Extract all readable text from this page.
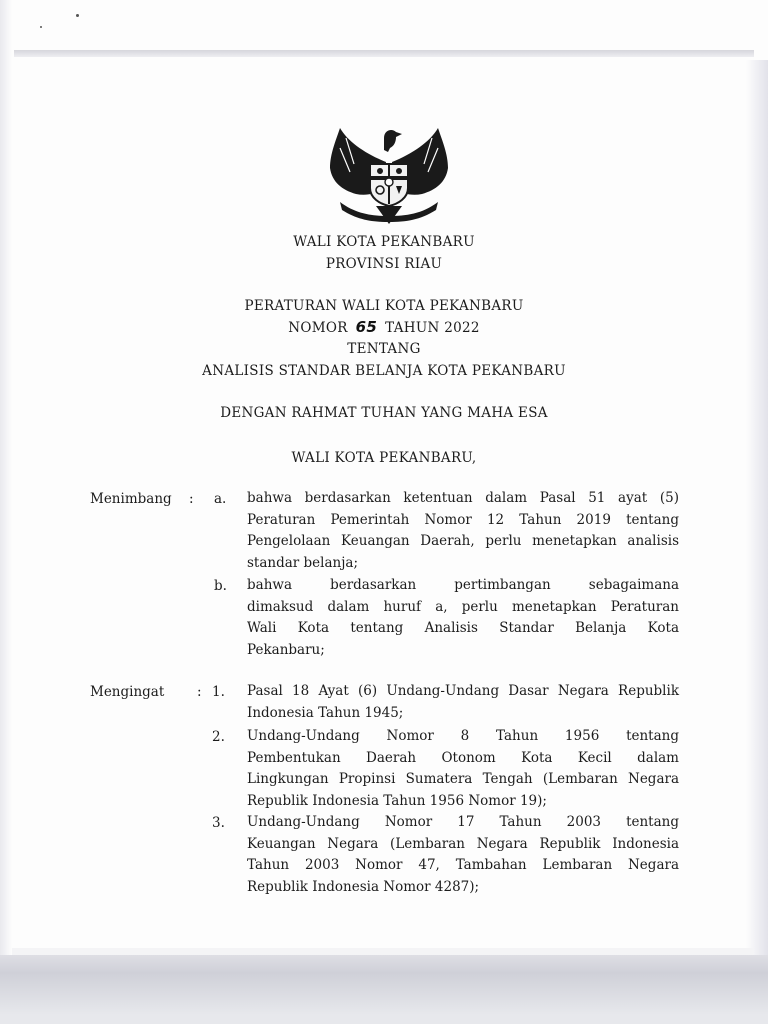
WALI KOTA PEKANBARU
PROVINSI RIAU
PERATURAN WALI KOTA PEKANBARU
NOMOR 65 TAHUN 2022
TENTANG
ANALISIS STANDAR BELANJA KOTA PEKANBARU
DENGAN RAHMAT TUHAN YANG MAHA ESA
WALI KOTA PEKANBARU,
Menimbang : a. bahwa berdasarkan ketentuan dalam Pasal 51 ayat (5)
Peraturan Pemerintah Nomor 12 Tahun 2019 tentang
Pengelolaan Keuangan Daerah, perlu menetapkan analisis
standar belanja;
b. bahwa berdasarkan pertimbangan sebagaimana
dimaksud dalam huruf a, perlu menetapkan Peraturan
Wali Kota tentang Analisis Standar Belanja Kota
Pekanbaru;
Mengingat : 1. Pasal 18 Ayat (6) Undang-Undang Dasar Negara Republik
Indonesia Tahun 1945;
2. Undang-Undang Nomor 8 Tahun 1956 tentang
Pembentukan Daerah Otonom Kota Kecil dalam
Lingkungan Propinsi Sumatera Tengah (Lembaran Negara
Republik Indonesia Tahun 1956 Nomor 19);
3. Undang-Undang Nomor 17 Tahun 2003 tentang
Keuangan Negara (Lembaran Negara Republik Indonesia
Tahun 2003 Nomor 47, Tambahan Lembaran Negara
Republik Indonesia Nomor 4287);
